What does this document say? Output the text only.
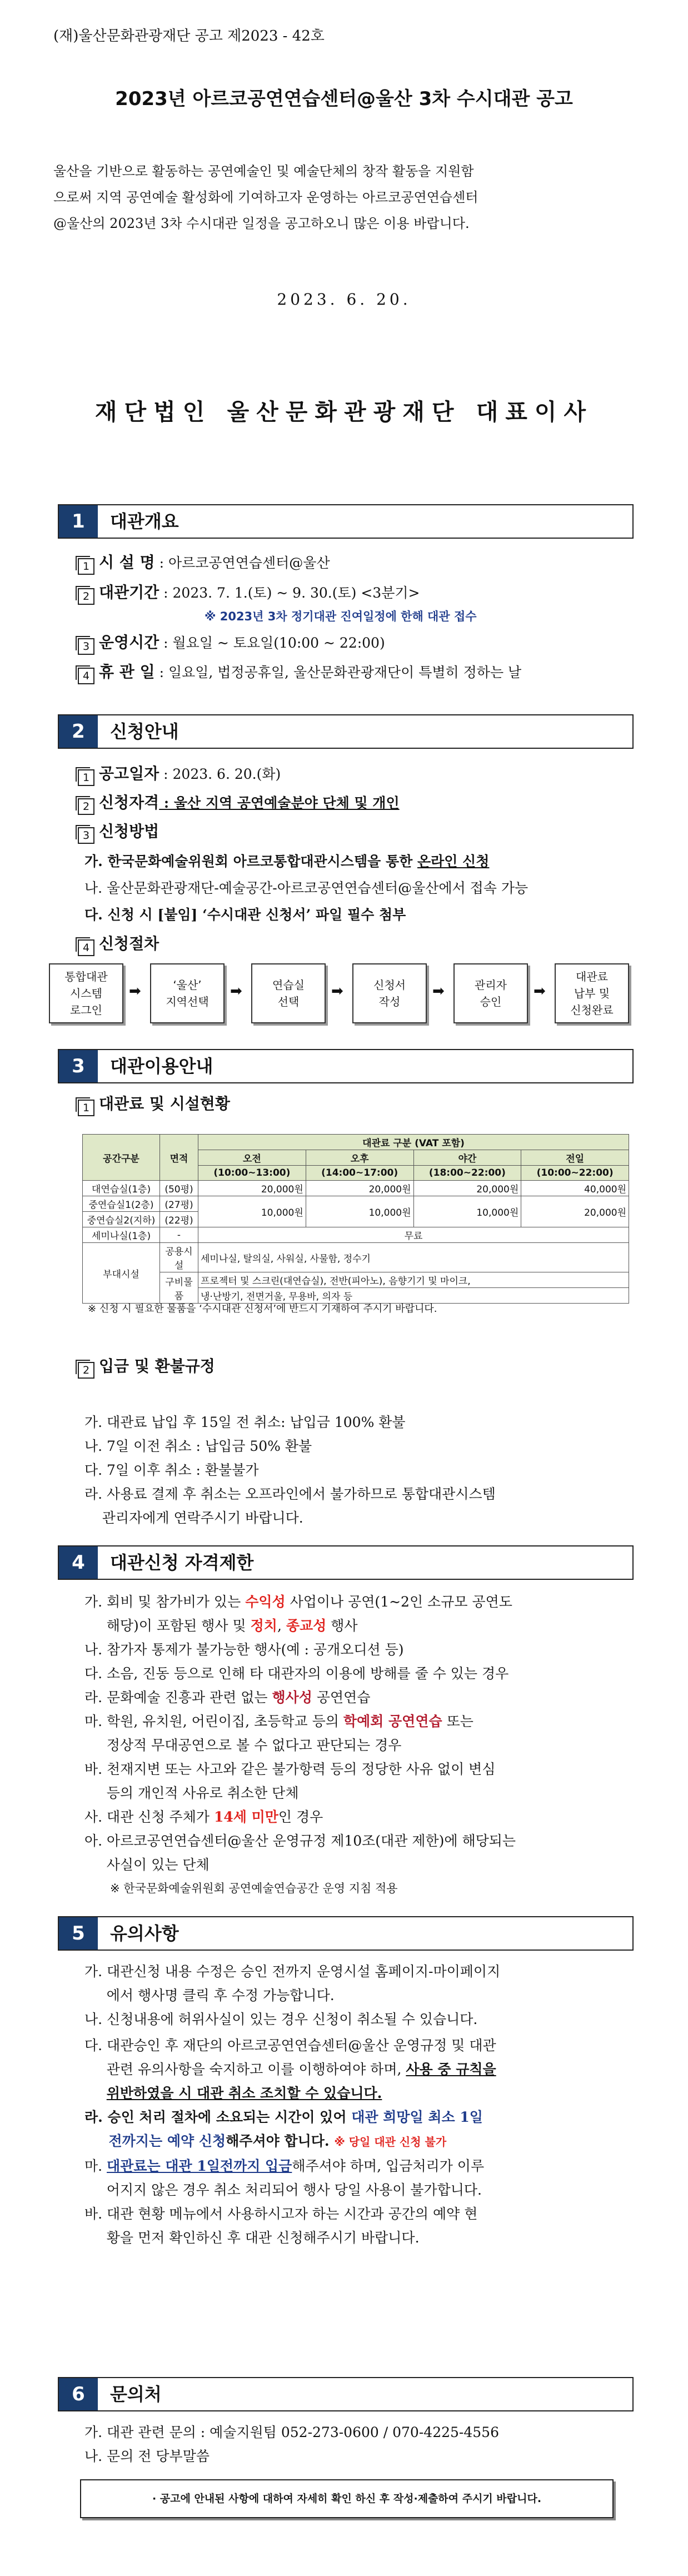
(재)울산문화관광재단 공고 제2023 - 42호
2023년 아르코공연연습센터@울산 3차 수시대관 공고
울산을 기반으로 활동하는 공연예술인 및 예술단체의 창작 활동을 지원함
으로써 지역 공연예술 활성화에 기여하고자 운영하는 아르코공연연습센터
@울산의 2023년 3차 수시대관 일정을 공고하오니 많은 이용 바랍니다.
2023. 6. 20.
재단법인 울산문화관광재단 대표이사
1	대관개요
1 시 설 명 : 아르코공연연습센터@울산
2 대관기간 : 2023. 7. 1.(토) ~ 9. 30.(토) <3분기>
※ 2023년 3차 정기대관 진여일정에 한해 대관 접수
3 운영시간 : 월요일 ~ 토요일(10:00 ~ 22:00)
4 휴 관 일 : 일요일, 법정공휴일, 울산문화관광재단이 특별히 정하는 날
2	신청안내
1 공고일자 : 2023. 6. 20.(화)
2 신청자격 : 울산 지역 공연예술분야 단체 및 개인
3 신청방법
가. 한국문화예술위원회 아르코통합대관시스템을 통한 온라인 신청
나. 울산문화관광재단-예술공간-아르코공연연습센터@울산에서 접속 가능
다. 신청 시 [붙임] ‘수시대관 신청서’ 파일 필수 첨부
4 신청절차
통합대관
시스템
로그인
➡	‘울산’
지역선택
➡	연습실
선택
➡	신청서
작성
➡	관리자
승인
➡
대관료
납부 및
신청완료
3	대관이용안내
1 대관료 및 시설현황
공간구분	면적	대관료 구분 (VAT 포함)			
		오전	오후	야간	전일
		(10:00~13:00)	(14:00~17:00)	(18:00~22:00)	(10:00~22:00)
대연습실(1층)	(50평)	20,000원	20,000원	20,000원	40,000원
중연습실1(2층)	(27평)	10,000원	10,000원	10,000원	20,000원
중연습실2(지하)	(22평)				
세미나실(1층)	-	무료			
부대시설	공용시설	세미나실, 탈의실, 사워실, 사물함, 정수기			
	구비물품	프로젝터 및 스크린(대연습실), 전반(피아노), 음향기기 및 마이크,			
		냉·난방기, 전면거울, 무용바, 의자 등			
※ 신청 시 필요한 물품을 ‘수시대관 신청서’에 반드시 기재하여 주시기 바랍니다.
2 입금 및 환불규정

가. 대관료 납입 후 15일 전 취소: 납입금 100% 환불
나. 7일 이전 취소 : 납입금 50% 환불
다. 7일 이후 취소 : 환불불가
라. 사용료 결제 후 취소는 오프라인에서 불가하므로 통합대관시스템
관리자에게 연락주시기 바랍니다.

4	대관신청 자격제한
가. 회비 및 참가비가 있는 수익성 사업이나 공연(1~2인 소규모 공연도
해당)이 포함된 행사 및 정치, 종교성 행사
나. 참가자 통제가 불가능한 행사(예 : 공개오디션 등)
다. 소음, 진동 등으로 인해 타 대관자의 이용에 방해를 줄 수 있는 경우
라. 문화예술 진흥과 관련 없는 행사성 공연연습
마. 학원, 유치원, 어린이집, 초등학교 등의 학예회 공연연습 또는
정상적 무대공연으로 볼 수 없다고 판단되는 경우
바. 천재지변 또는 사고와 같은 불가항력 등의 정당한 사유 없이 변심
등의 개인적 사유로 취소한 단체
사. 대관 신청 주체가 14세 미만인 경우
아. 아르코공연연습센터@울산 운영규정 제10조(대관 제한)에 해당되는
사실이 있는 단체
※ 한국문화예술위원회 공연예술연습공간 운영 지침 적용
5	유의사항
가. 대관신청 내용 수정은 승인 전까지 운영시설 홈페이지-마이페이지
에서 행사명 클릭 후 수정 가능합니다.
나. 신청내용에 허위사실이 있는 경우 신청이 취소될 수 있습니다.
다. 대관승인 후 재단의 아르코공연연습센터@울산 운영규정 및 대관
관련 유의사항을 숙지하고 이를 이행하여야 하며, 사용 중 규칙을
위반하였을 시 대관 취소 조치할 수 있습니다.
라. 승인 처리 절차에 소요되는 시간이 있어 대관 희망일 최소 1일
전까지는 예약 신청해주셔야 합니다. ※ 당일 대관 신청 불가
마. 대관료는 대관 1일전까지 입금해주셔야 하며, 입금처리가 이루
어지지 않은 경우 취소 처리되어 행사 당일 사용이 불가합니다.
바. 대관 현황 메뉴에서 사용하시고자 하는 시간과 공간의 예약 현
황을 먼저 확인하신 후 대관 신청해주시기 바랍니다.
6	문의처
가. 대관 관련 문의 : 예술지원팀 052-273-0600 / 070-4225-4556
나. 문의 전 당부말씀
· 공고에 안내된 사항에 대하여 자세히 확인 하신 후 작성·제출하여 주시기 바랍니다.
